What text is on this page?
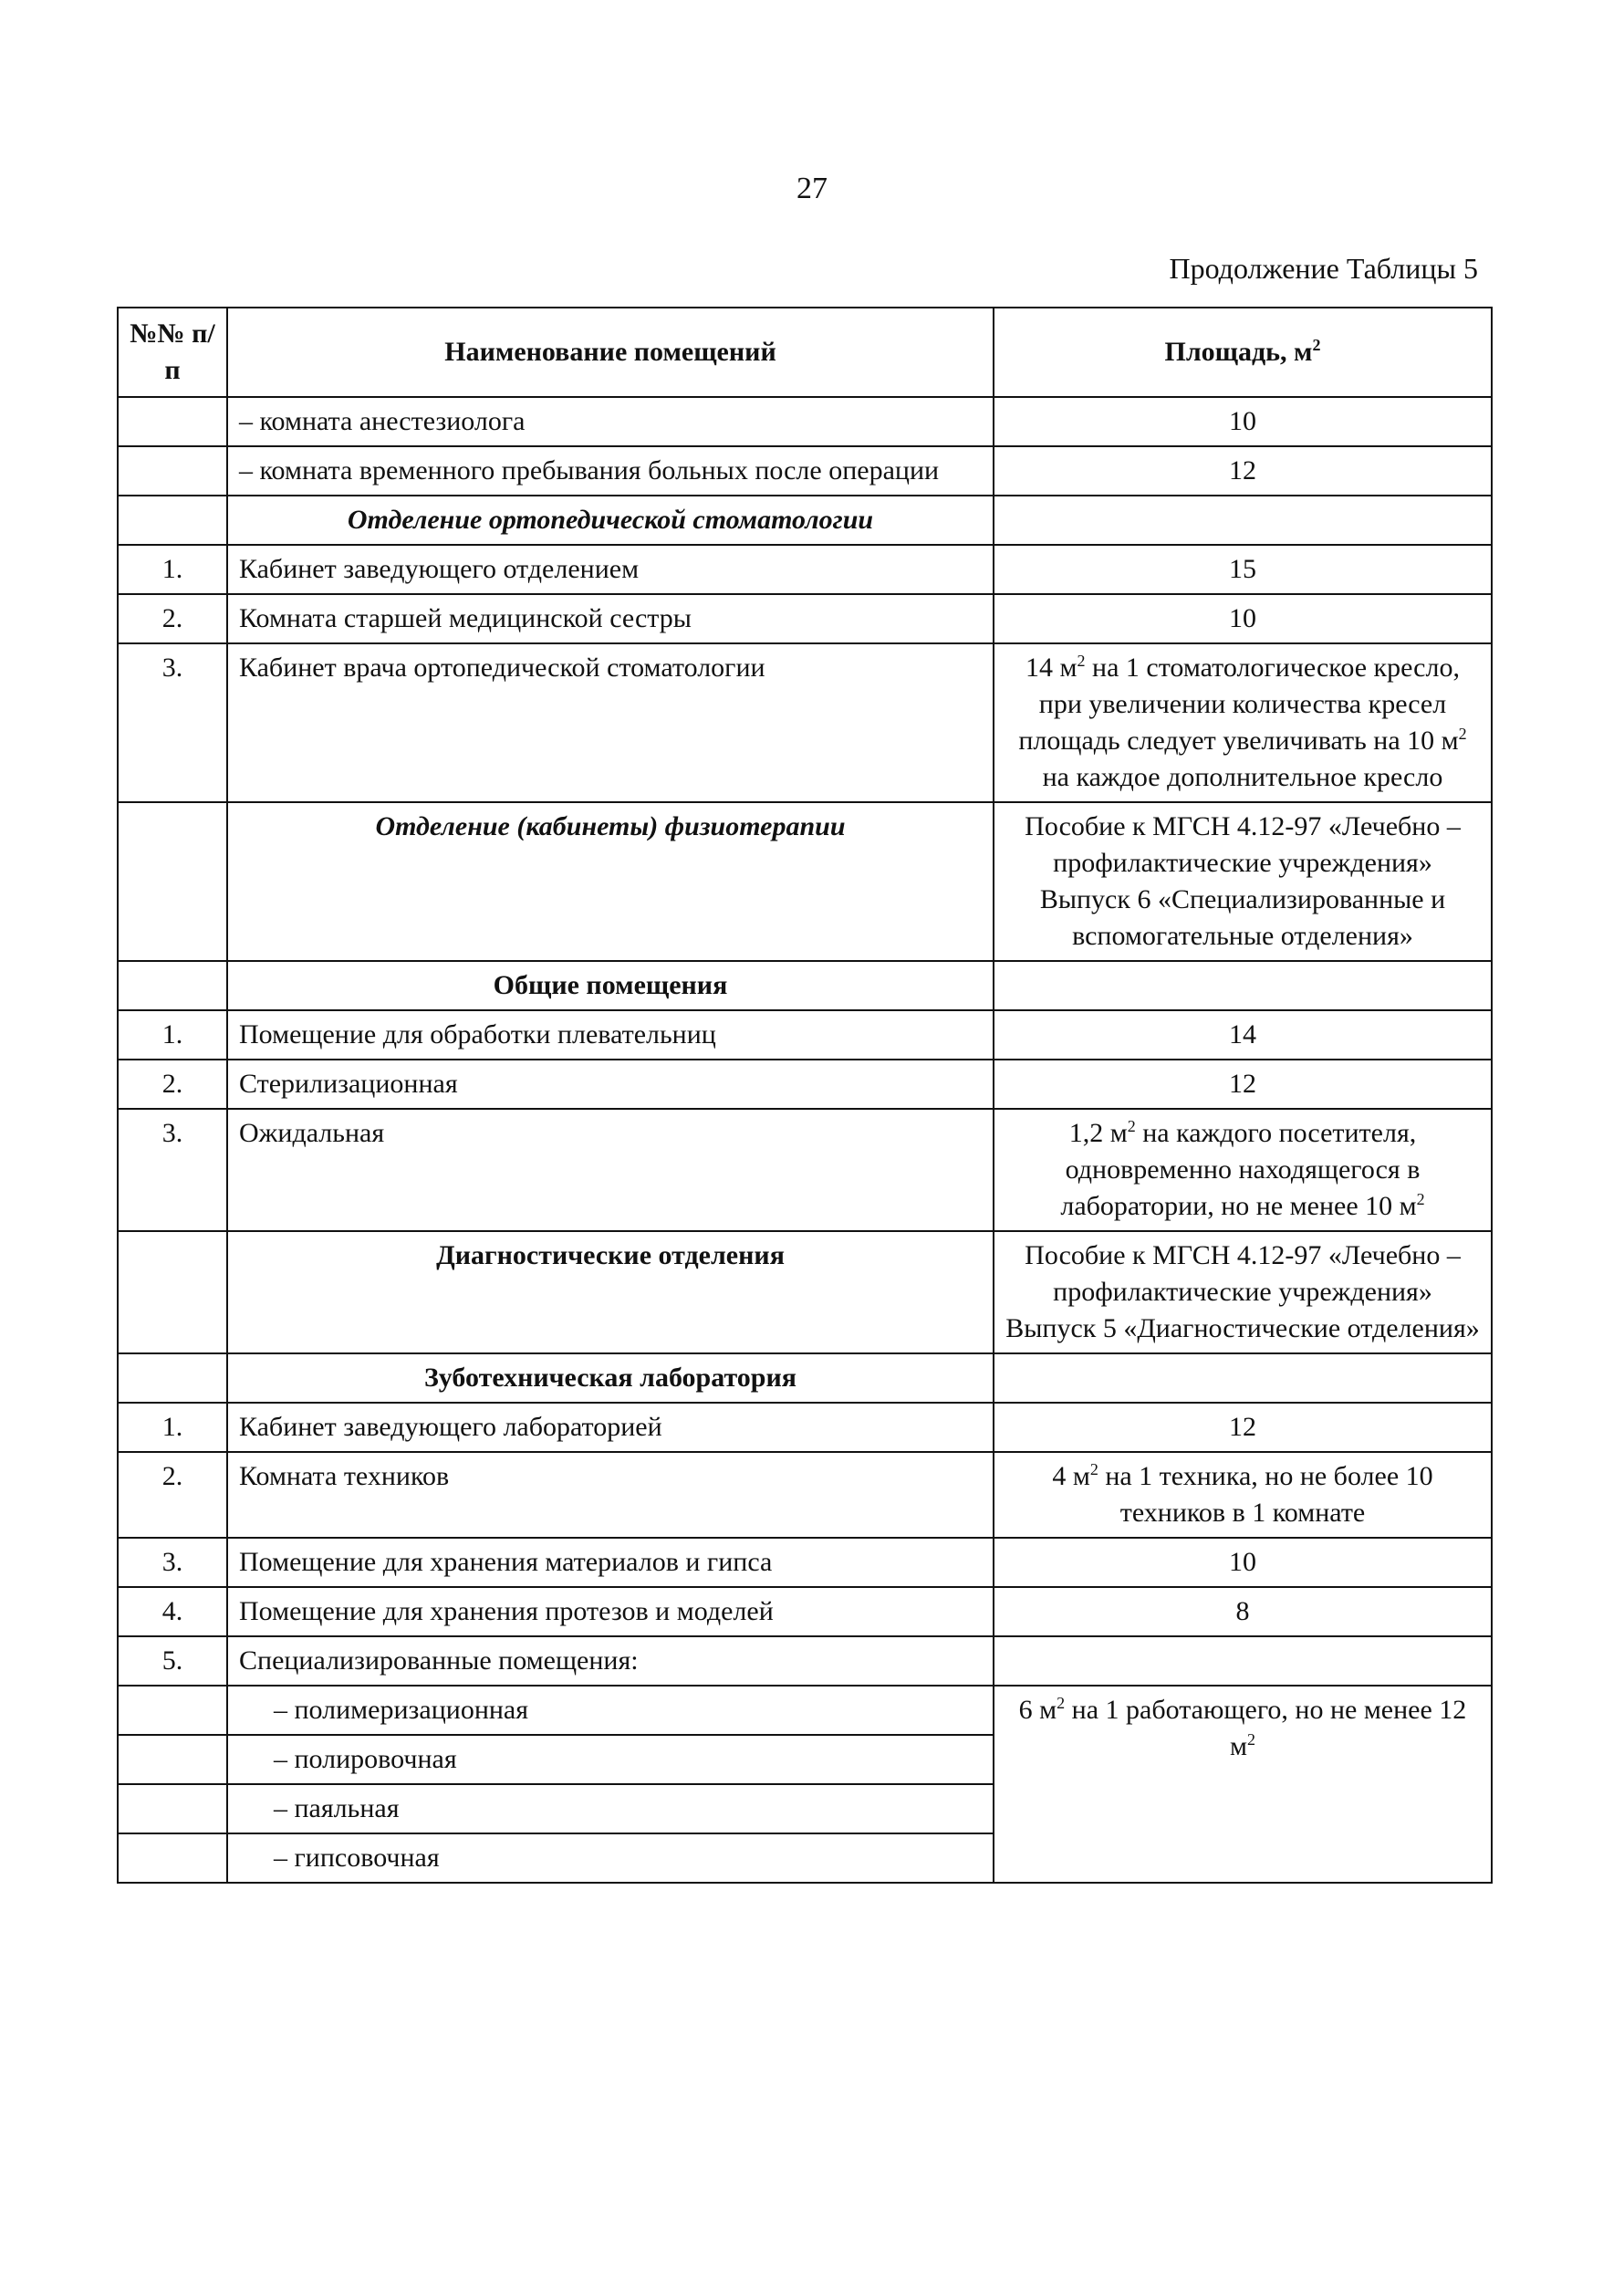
27
Продолжение Таблицы 5
№№ п/п	Наименование помещений	Площадь, $м^2$
	– комната анестезиолога	10
	– комната временного пребывания больных после операции	12
	Отделение ортопедической стоматологии	
1.	Кабинет заведующего отделением	15
2.	Комната старшей медицинской сестры	10
3.	Кабинет врача ортопедической стоматологии	14 $м^2$ на 1 стоматологическое кресло, при увеличении количества кресел площадь следует увеличивать на 10 $м^2$ на каждое дополнительное кресло
	Отделение (кабинеты) физиотерапии	Пособие к МГСН 4.12-97 «Лечебно – профилактические учреждения» Выпуск 6 «Специализированные и вспомогательные отделения»
	Общие помещения	
1.	Помещение для обработки плевательниц	14
2.	Стерилизационная	12
3.	Ожидальная	1,2 $м^2$ на каждого посетителя, одновременно находящегося в лаборатории, но не менее 10 $м^2$
	Диагностические отделения	Пособие к МГСН 4.12-97 «Лечебно – профилактические учреждения» Выпуск 5 «Диагностические отделения»
	Зуботехническая лаборатория	
1.	Кабинет заведующего лабораторией	12
2.	Комната техников	4 $м^2$ на 1 техника, но не более 10 техников в 1 комнате
3.	Помещение для хранения материалов и гипса	10
4.	Помещение для хранения протезов и моделей	8
5.	Специализированные помещения:	
	– полимеризационная	6 $м^2$ на 1 работающего, но не менее 12 $м^2$
	– полировочная	
	– паяльная	
	– гипсовочная	
